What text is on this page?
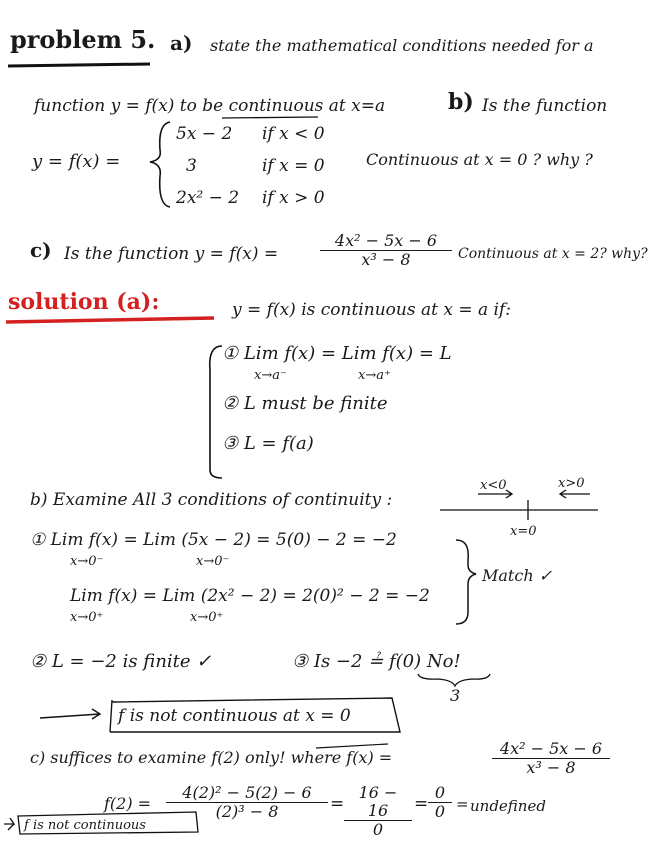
problem 5. a) state the mathematical conditions needed for a
function y = f(x) to be continuous at x=a	b) Is the function
y = f(x) =
5x − 2 if x < 0
3	if x = 0
2x² − 2 if x > 0
Continuous at x = 0 ? why ?
c) Is the function y = f(x) =	$\frac{\text{4x² − 5x − 6}}{\text{x³ − 8}}$ Continuous at x = 2? why?
solution (a):	y = f(x) is continuous at x = a if:
① Lim f(x) = Lim f(x) = L
x→a⁻	x→a⁺
② L must be finite
③ L = f(a)
b) Examine All 3 conditions of continuity :
x<0	x>0
x=0
① Lim f(x) = Lim (5x − 2) = 5(0) − 2 = −2
x→0⁻	x→0⁻
Lim f(x) = Lim (2x² − 2) = 2(0)² − 2 = −2
x→0⁺	x→0⁺
Match ✓
② L = −2 is finite ✓	③ Is −2 ≟ f(0) No!
3
f is not continuous at x = 0
c) suffices to examine f(2) only! where f(x) =	$\frac{\text{4x² − 5x − 6}}{\text{x³ − 8}}$
$f(2) = \frac{\text{4(2)² − 5(2) − 6}}{\text{(2)³ − 8}} = \frac{16 - 16}{0} = \frac{0}{0}$ = undefined
f is not continuous
